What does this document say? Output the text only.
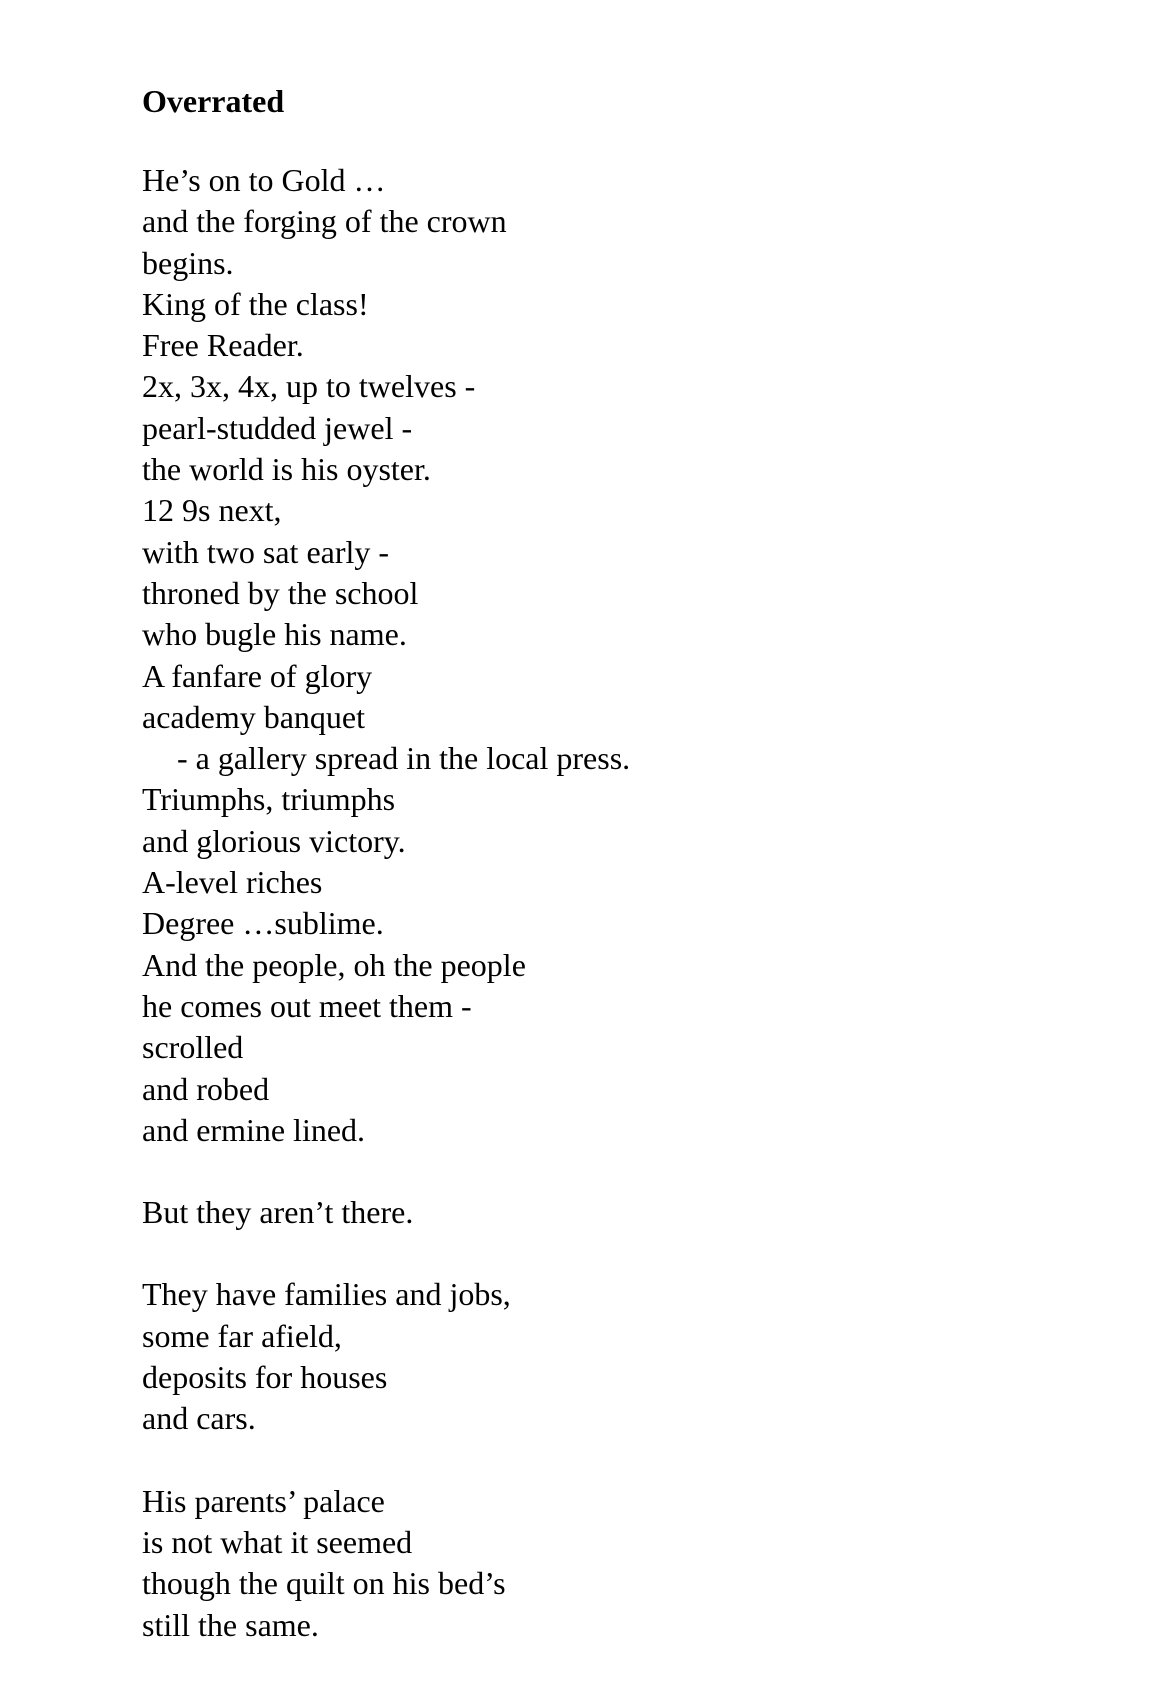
Overrated

He’s on to Gold …

and the forging of the crown

begins.

King of the class!

Free Reader.

2x, 3x, 4x, up to twelves -

pearl-studded jewel -

the world is his oyster.

12 9s next,

with two sat early -

throned by the school

who bugle his name.

A fanfare of glory

academy banquet

- a gallery spread in the local press.

Triumphs, triumphs

and glorious victory.

A-level riches

Degree …sublime.

And the people, oh the people

he comes out meet them -

scrolled

and robed

and ermine lined.

But they aren’t there.

They have families and jobs,

some far afield,

deposits for houses

and cars.

His parents’ palace

is not what it seemed

though the quilt on his bed’s

still the same.
